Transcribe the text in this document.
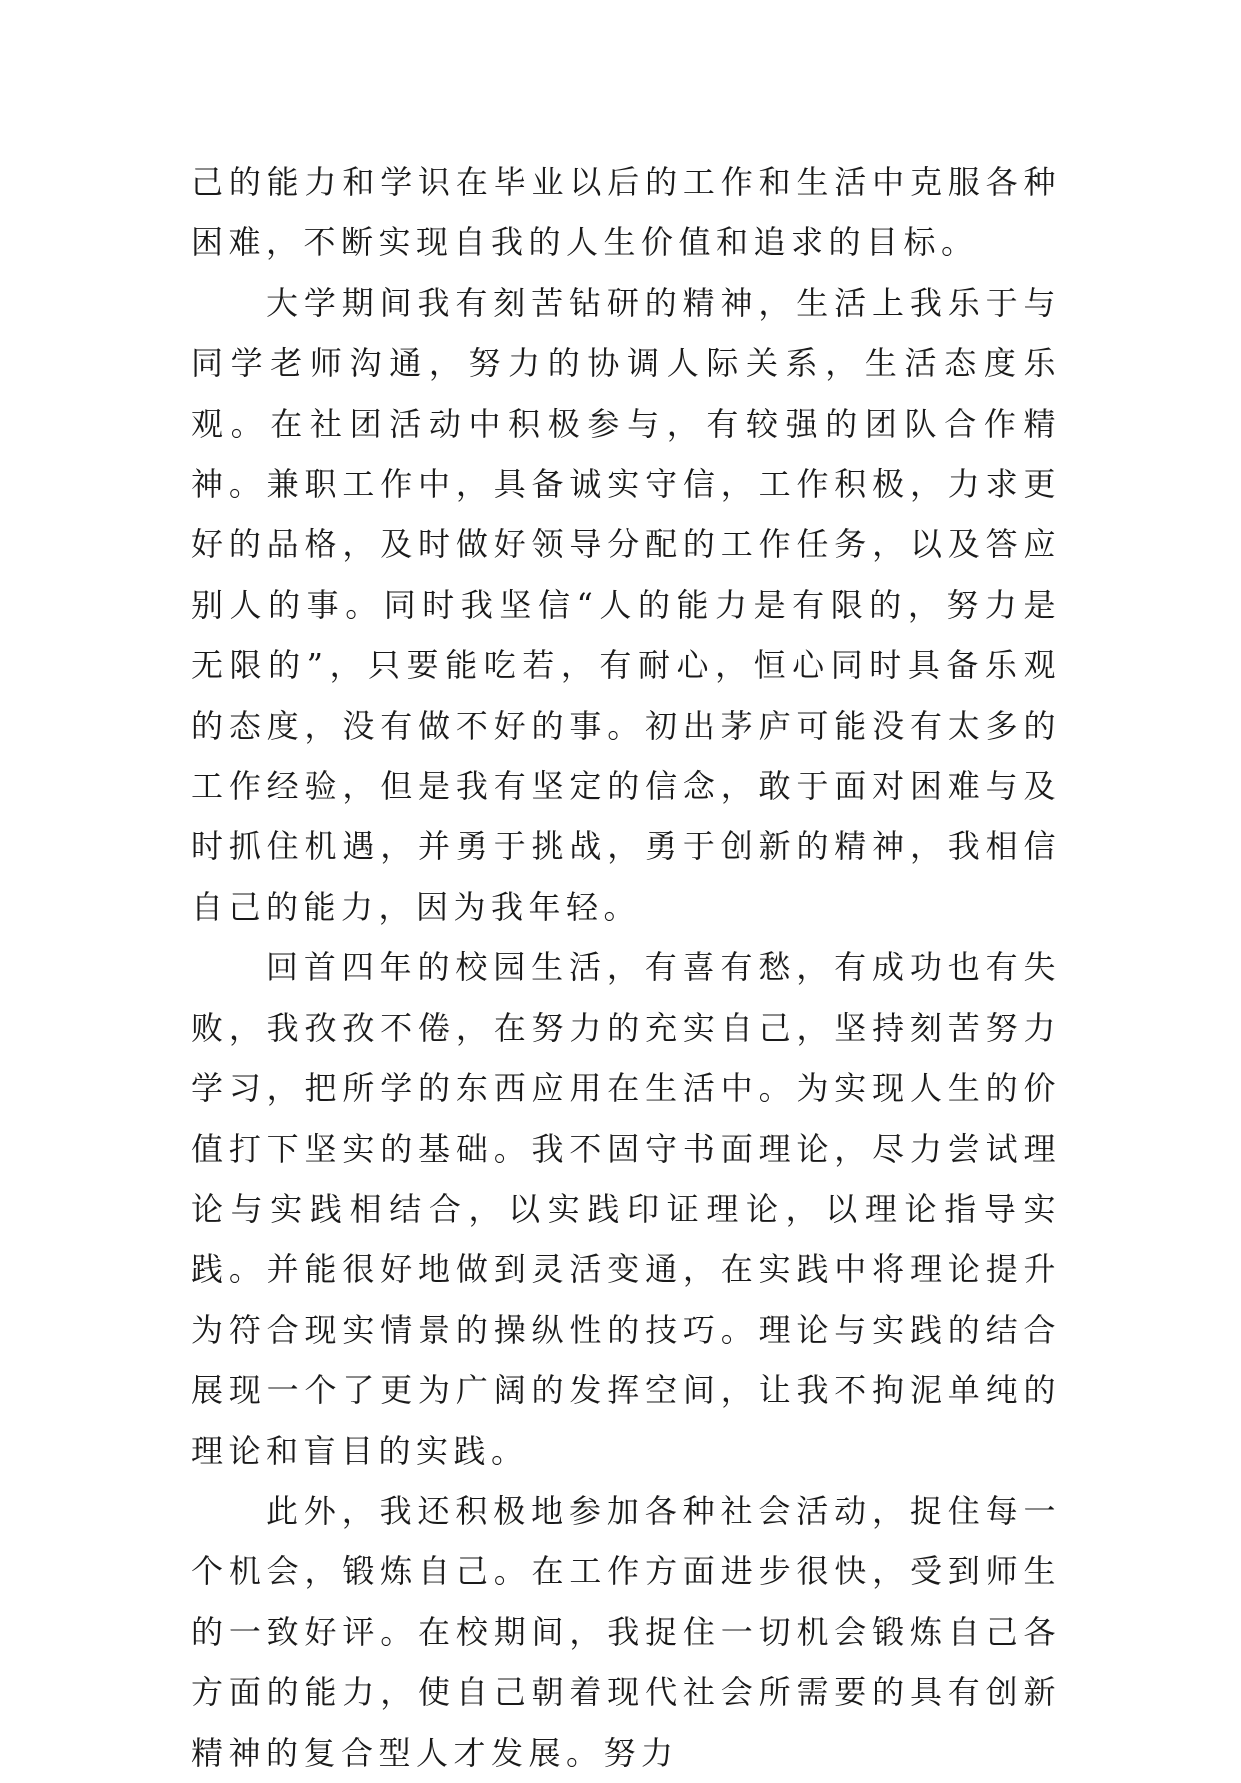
己的能力和学识在毕业以后的工作和生活中克服各种困难，不断实现自我的人生价值和追求的目标。

大学期间我有刻苦钻研的精神，生活上我乐于与同学老师沟通，努力的协调人际关系，生活态度乐观。在社团活动中积极参与，有较强的团队合作精神。兼职工作中，具备诚实守信，工作积极，力求更好的品格，及时做好领导分配的工作任务，以及答应别人的事。同时我坚信“人的能力是有限的，努力是无限的”，只要能吃若，有耐心，恒心同时具备乐观的态度，没有做不好的事。初出茅庐可能没有太多的工作经验，但是我有坚定的信念，敢于面对困难与及时抓住机遇，并勇于挑战，勇于创新的精神，我相信自己的能力，因为我年轻。

回首四年的校园生活，有喜有愁，有成功也有失败，我孜孜不倦，在努力的充实自己，坚持刻苦努力学习，把所学的东西应用在生活中。为实现人生的价值打下坚实的基础。我不固守书面理论，尽力尝试理论与实践相结合，以实践印证理论，以理论指导实践。并能很好地做到灵活变通，在实践中将理论提升为符合现实情景的操纵性的技巧。理论与实践的结合展现一个了更为广阔的发挥空间，让我不拘泥单纯的理论和盲目的实践。

此外，我还积极地参加各种社会活动，捉住每一个机会，锻炼自己。在工作方面进步很快，受到师生的一致好评。在校期间，我捉住一切机会锻炼自己各方面的能力，使自己朝着现代社会所需要的具有创新精神的复合型人才发展。努力
